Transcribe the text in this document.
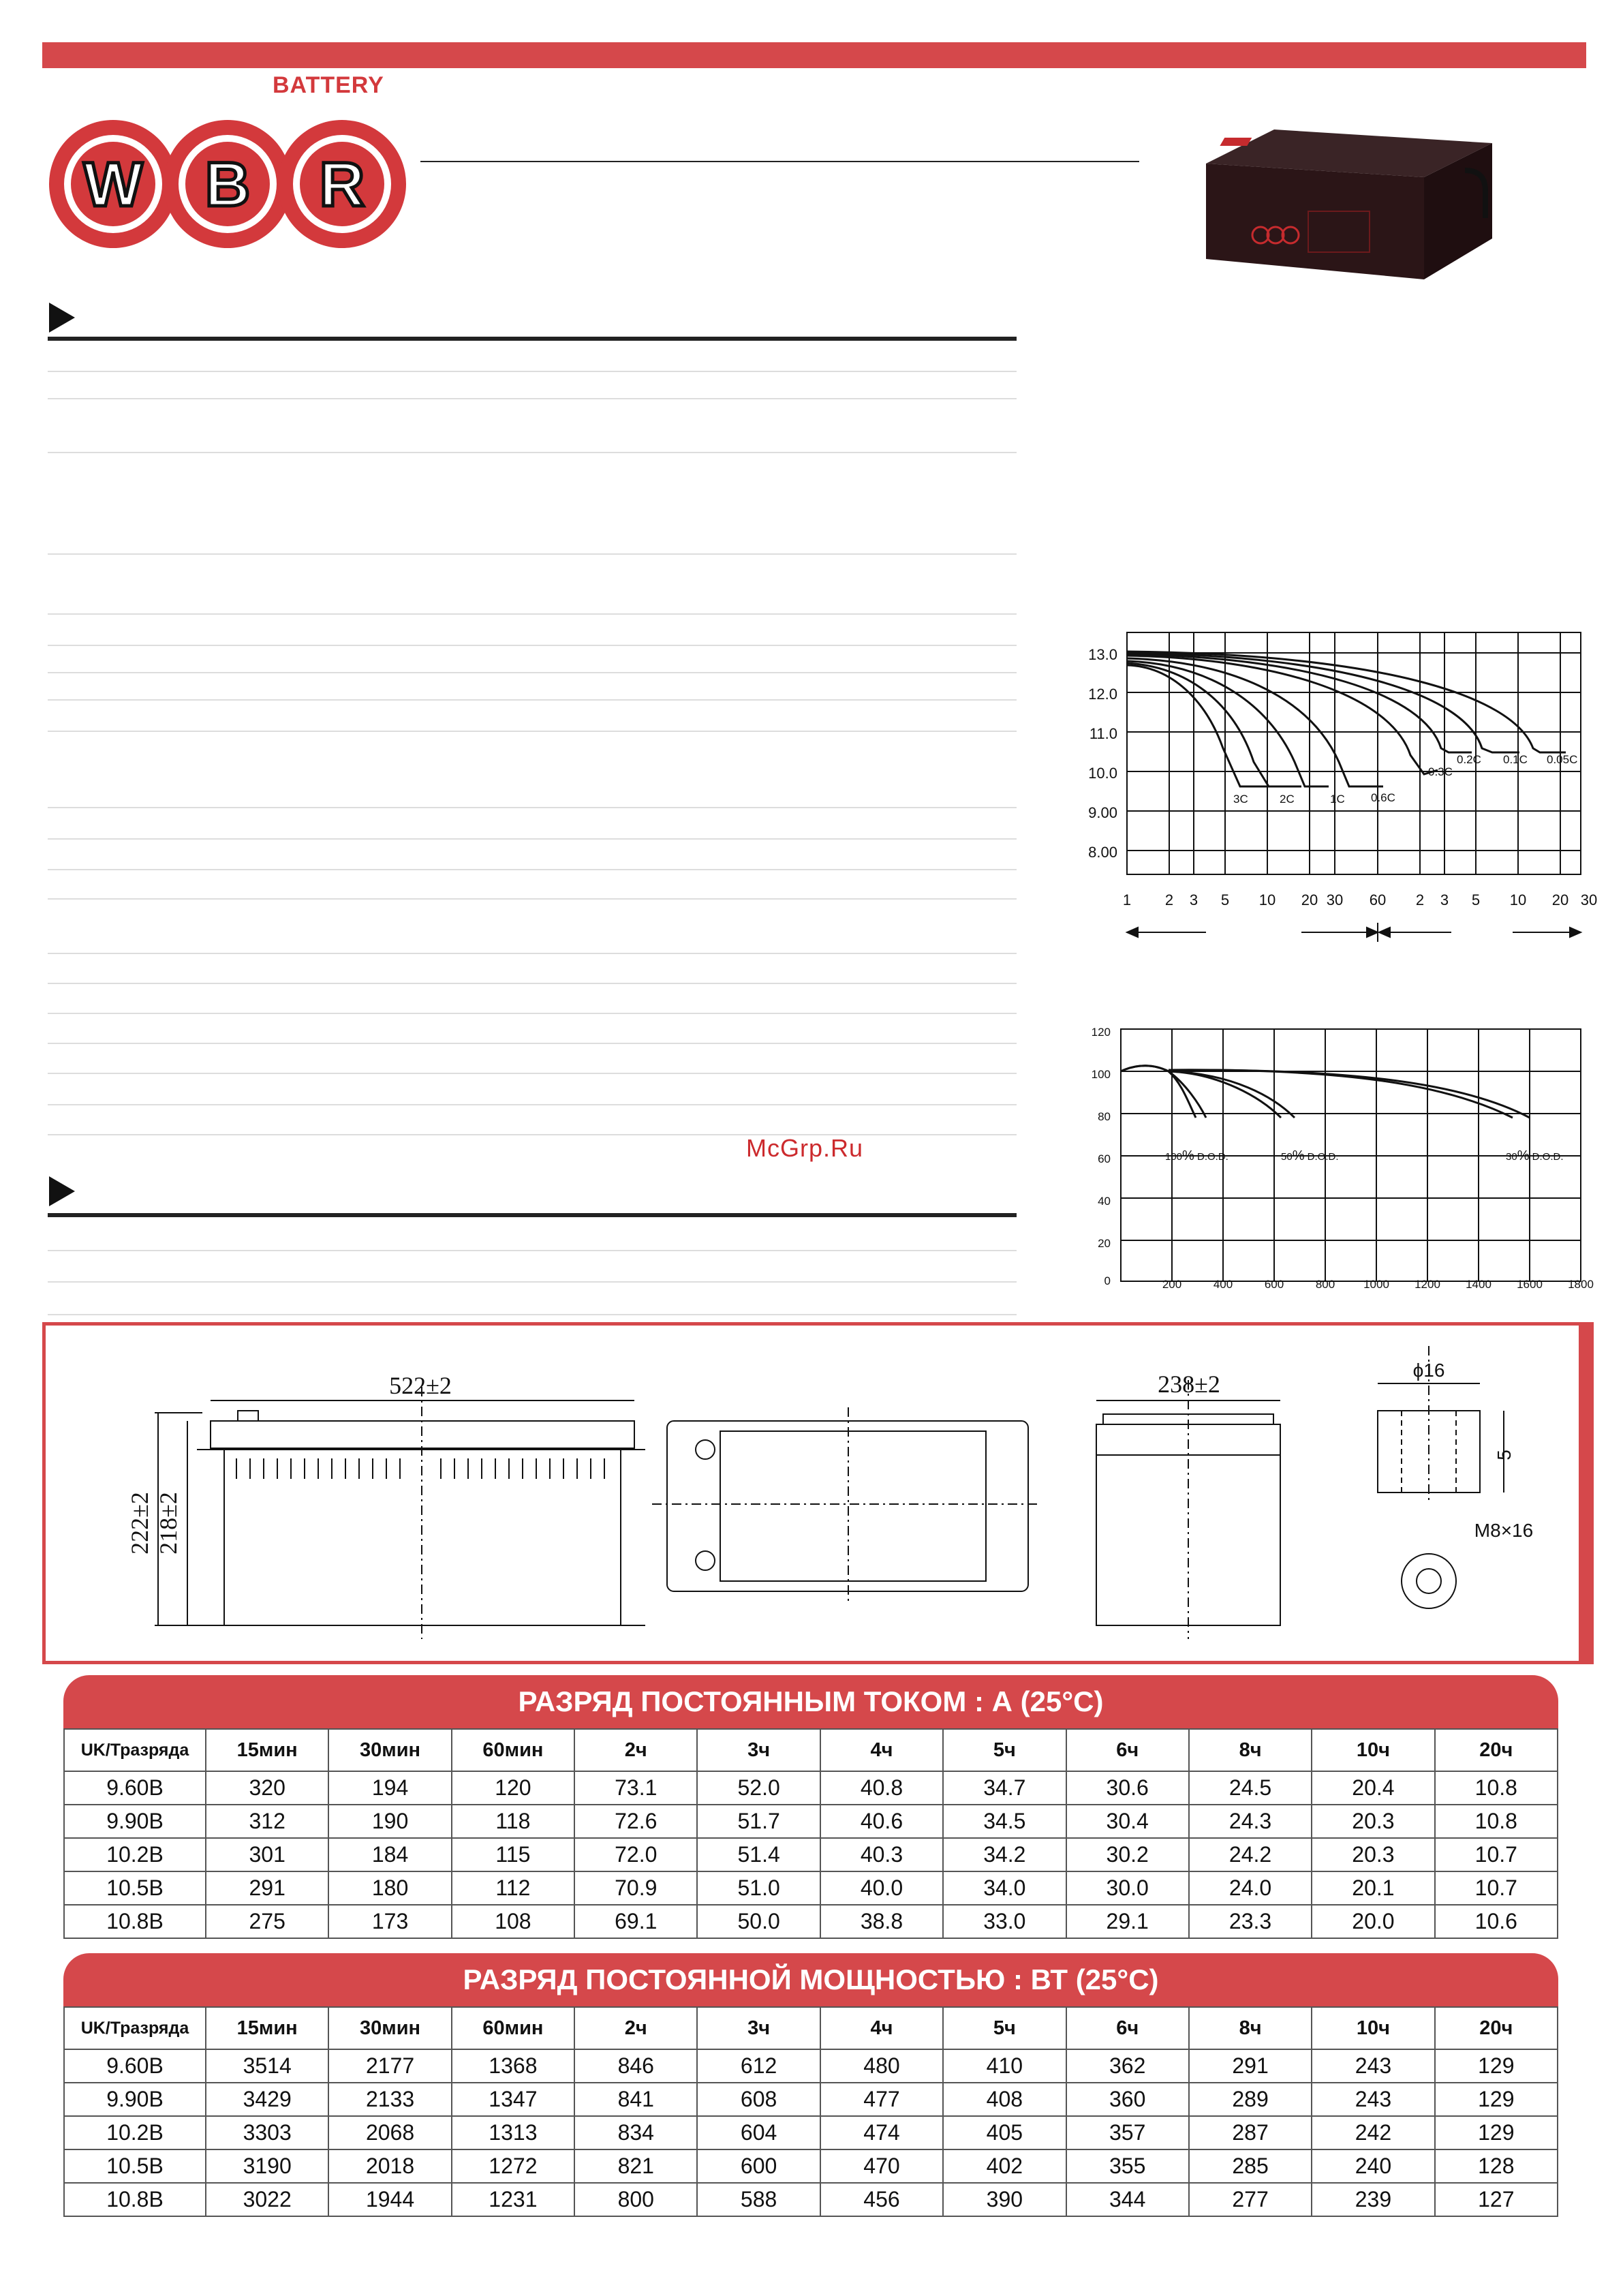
BATTERY
W B R
McGrp.Ru
13.0
12.0
11.0
10.0
9.00
8.00
1 2 3 5 10 20 30 60 2 3 5 10 20 30
3C	2C	1C 0.6C
0.3C
0.2C 0.1C 0.05C
120
100
80
60
40
20
0	200	400	600	800 1000 1200 1400 1600 1800
100% D.O.D.	50% D.O.D.	30% D.O.D.
522±2
222±2 218±2
238±2
ϕ16
5
M8×16
РАЗРЯД ПОСТОЯННЫМ ТОКОМ : А (25°C)
UK/Тразряда	15мин	30мин	60мин	2ч	3ч	4ч	5ч	6ч	8ч	10ч	20ч
9.60В	320	194	120	73.1	52.0	40.8	34.7	30.6	24.5	20.4	10.8
9.90В	312	190	118	72.6	51.7	40.6	34.5	30.4	24.3	20.3	10.8
10.2В	301	184	115	72.0	51.4	40.3	34.2	30.2	24.2	20.3	10.7
10.5В	291	180	112	70.9	51.0	40.0	34.0	30.0	24.0	20.1	10.7
10.8В	275	173	108	69.1	50.0	38.8	33.0	29.1	23.3	20.0	10.6
РАЗРЯД ПОСТОЯННОЙ МОЩНОСТЬЮ : ВТ (25°C)
UK/Тразряда	15мин	30мин	60мин	2ч	3ч	4ч	5ч	6ч	8ч	10ч	20ч
9.60В	3514	2177	1368	846	612	480	410	362	291	243	129
9.90В	3429	2133	1347	841	608	477	408	360	289	243	129
10.2В	3303	2068	1313	834	604	474	405	357	287	242	129
10.5В	3190	2018	1272	821	600	470	402	355	285	240	128
10.8В	3022	1944	1231	800	588	456	390	344	277	239	127
